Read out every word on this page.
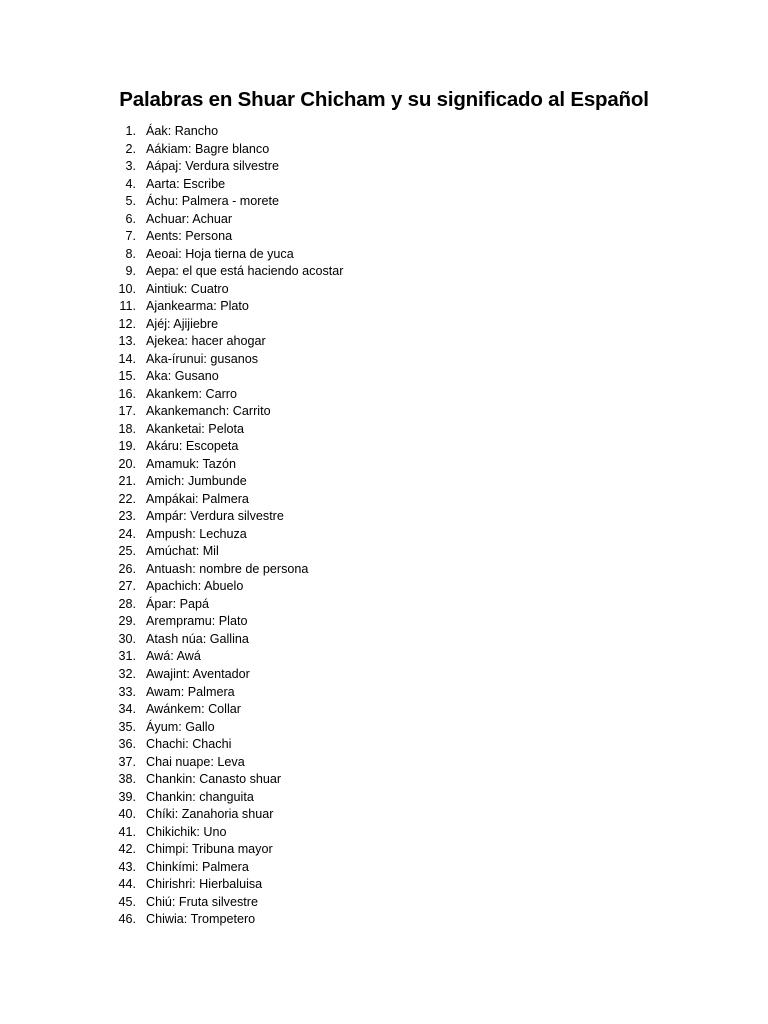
Palabras en Shuar Chicham y su significado al Español
1. Áak: Rancho
2. Aákiam: Bagre blanco
3. Aápaj: Verdura silvestre
4. Aarta: Escribe
5. Áchu: Palmera - morete
6. Achuar: Achuar
7. Aents: Persona
8. Aeoai: Hoja tierna de yuca
9. Aepa: el que está haciendo acostar
10. Aintiuk: Cuatro
11. Ajankearma: Plato
12. Ajéj: Ajijiebre
13. Ajekea: hacer ahogar
14. Aka-írunui: gusanos
15. Aka: Gusano
16. Akankem: Carro
17. Akankemanch: Carrito
18. Akanketai: Pelota
19. Akáru: Escopeta
20. Amamuk: Tazón
21. Amich: Jumbunde
22. Ampákai: Palmera
23. Ampár: Verdura silvestre
24. Ampush: Lechuza
25. Amúchat: Mil
26. Antuash: nombre de persona
27. Apachich: Abuelo
28. Ápar: Papá
29. Arempramu: Plato
30. Atash núa: Gallina
31. Awá: Awá
32. Awajint: Aventador
33. Awam: Palmera
34. Awánkem: Collar
35. Áyum: Gallo
36. Chachi: Chachi
37. Chai nuape: Leva
38. Chankin: Canasto shuar
39. Chankin: changuita
40. Chíki: Zanahoria shuar
41. Chikichik: Uno
42. Chimpi: Tribuna mayor
43. Chinkími: Palmera
44. Chirishri: Hierbaluisa
45. Chiú: Fruta silvestre
46. Chiwia: Trompetero
